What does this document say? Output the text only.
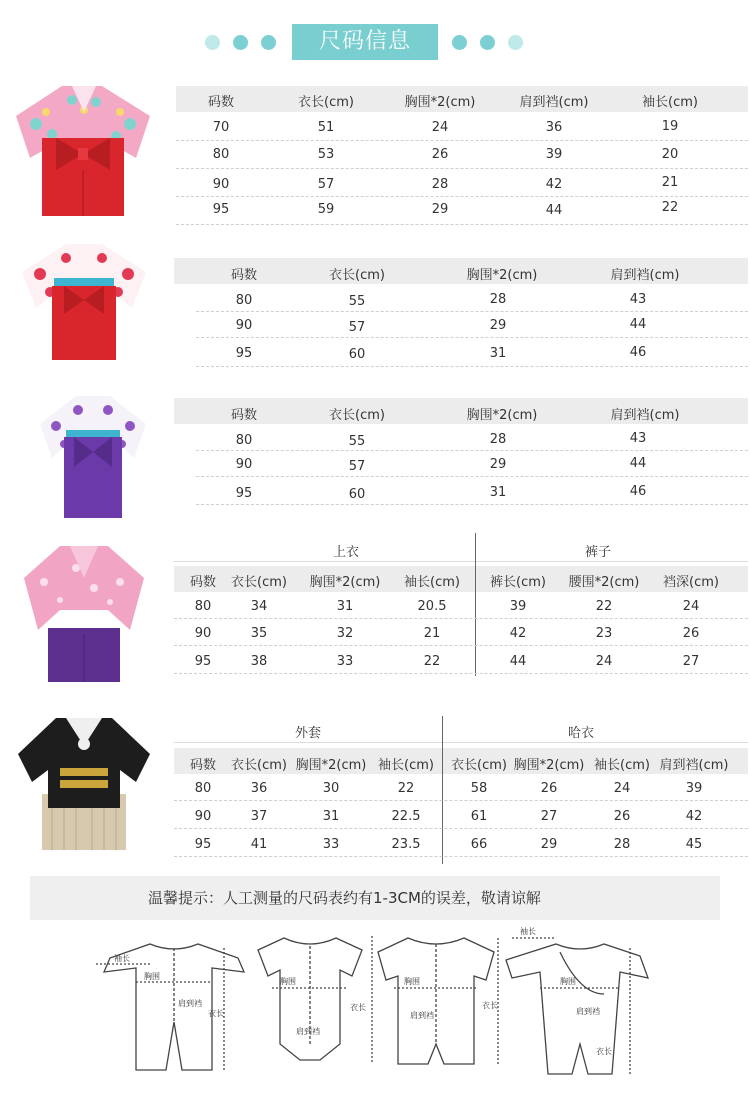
尺码信息
码数	衣长(cm)	胸围*2(cm)	肩到裆(cm)	袖长(cm)
70	51	24	36	19
80	53	26	39	20
90	57	28	42	21
95	59	29	44	22
码数	衣长(cm)	胸围*2(cm)	肩到裆(cm)
80	55	28	43
90	57	29	44
95	60	31	46
码数	衣长(cm)	胸围*2(cm)	肩到裆(cm)
80	55	28	43
90	57	29	44
95	60	31	46
上衣	裤子
码数 衣长(cm) 胸围*2(cm) 袖长(cm) 裤长(cm) 腰围*2(cm) 裆深(cm)
80	34	31	20.5	39	22	24
90	35	32	21	42	23	26
95	38	33	22	44	24	27
外套	哈衣
码数 衣长(cm) 胸围*2(cm) 袖长(cm) 衣长(cm) 胸围*2(cm) 袖长(cm) 肩到裆(cm)
80	36	30	22	58	26	24	39
90	37	31	22.5	61	27	26	42
95	41	33	23.5	66	29	28	45
温馨提示：人工测量的尺码表约有1-3CM的误差，敬请谅解
袖长
胸围
肩到裆
衣长
胸围
肩到裆
衣长
胸围
肩到裆
衣长
袖长
胸围
肩到裆
衣长
